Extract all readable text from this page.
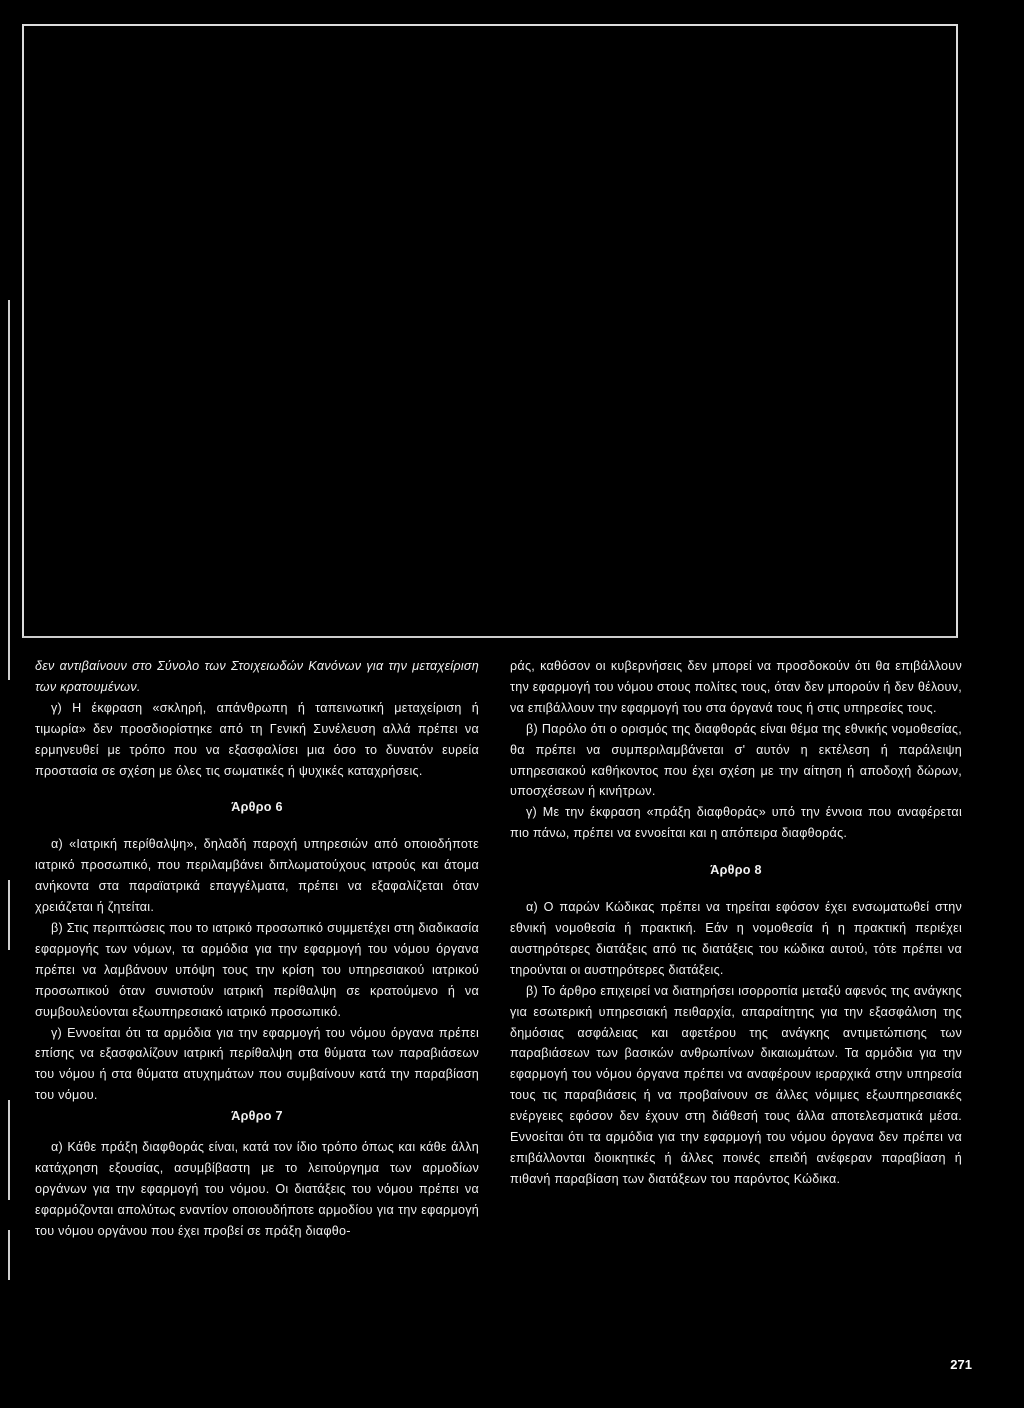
δεν αντιβαίνουν στο Σύνολο των Στοιχειωδών Κανόνων για την μεταχείριση των κρατουμένων.

γ) Η έκφραση «σκληρή, απάνθρωπη ή ταπεινωτική μεταχείριση ή τιμωρία» δεν προσδιορίστηκε από τη Γενική Συνέλευση αλλά πρέπει να ερμηνευθεί με τρόπο που να εξασφαλίσει μια όσο το δυνατόν ευρεία προστασία σε σχέση με όλες τις σωματικές ή ψυχικές καταχρήσεις.

Άρθρο 6

α) «Ιατρική περίθαλψη», δηλαδή παροχή υπηρεσιών από οποιοδήποτε ιατρικό προσωπικό, που περιλαμβάνει διπλωματούχους ιατρούς και άτομα ανήκοντα στα παραϊατρικά επαγγέλματα, πρέπει να εξαφαλίζεται όταν χρειάζεται ή ζητείται.

β) Στις περιπτώσεις που το ιατρικό προσωπικό συμμετέχει στη διαδικασία εφαρμογής των νόμων, τα αρμόδια για την εφαρμογή του νόμου όργανα πρέπει να λαμβάνουν υπόψη τους την κρίση του υπηρεσιακού ιατρικού προσωπικού όταν συνιστούν ιατρική περίθαλψη σε κρατούμενο ή να συμβουλεύονται εξωυπηρεσιακό ιατρικό προσωπικό.

γ) Εννοείται ότι τα αρμόδια για την εφαρμογή του νόμου όργανα πρέπει επίσης να εξασφαλίζουν ιατρική περίθαλψη στα θύματα των παραβιάσεων του νόμου ή στα θύματα ατυχημάτων που συμβαίνουν κατά την παραβίαση του νόμου.

Άρθρο 7

α) Κάθε πράξη διαφθοράς είναι, κατά τον ίδιο τρόπο όπως και κάθε άλλη κατάχρηση εξουσίας, ασυμβίβαστη με το λειτούργημα των αρμοδίων οργάνων για την εφαρμογή του νόμου. Οι διατάξεις του νόμου πρέπει να εφαρμόζονται απολύτως εναντίον οποιουδήποτε αρμοδίου για την εφαρμογή του νόμου οργάνου που έχει προβεί σε πράξη διαφθο-

ράς, καθόσον οι κυβερνήσεις δεν μπορεί να προσδοκούν ότι θα επιβάλλουν την εφαρμογή του νόμου στους πολίτες τους, όταν δεν μπορούν ή δεν θέλουν, να επιβάλλουν την εφαρμογή του στα όργανά τους ή στις υπηρεσίες τους.

β) Παρόλο ότι ο ορισμός της διαφθοράς είναι θέμα της εθνικής νομοθεσίας, θα πρέπει να συμπεριλαμβάνεται σ' αυτόν η εκτέλεση ή παράλειψη υπηρεσιακού καθήκοντος που έχει σχέση με την αίτηση ή αποδοχή δώρων, υποσχέσεων ή κινήτρων.

γ) Με την έκφραση «πράξη διαφθοράς» υπό την έννοια που αναφέρεται πιο πάνω, πρέπει να εννοείται και η απόπειρα διαφθοράς.

Άρθρο 8

α) Ο παρών Κώδικας πρέπει να τηρείται εφόσον έχει ενσωματωθεί στην εθνική νομοθεσία ή πρακτική. Εάν η νομοθεσία ή η πρακτική περιέχει αυστηρότερες διατάξεις από τις διατάξεις του κώδικα αυτού, τότε πρέπει να τηρούνται οι αυστηρότερες διατάξεις.

β) Το άρθρο επιχειρεί να διατηρήσει ισορροπία μεταξύ αφενός της ανάγκης για εσωτερική υπηρεσιακή πειθαρχία, απαραίτητης για την εξασφάλιση της δημόσιας ασφάλειας και αφετέρου της ανάγκης αντιμετώπισης των παραβιάσεων των βασικών ανθρωπίνων δικαιωμάτων. Τα αρμόδια για την εφαρμογή του νόμου όργανα πρέπει να αναφέρουν ιεραρχικά στην υπηρεσία τους τις παραβιάσεις ή να προβαίνουν σε άλλες νόμιμες εξωυπηρεσιακές ενέργειες εφόσον δεν έχουν στη διάθεσή τους άλλα αποτελεσματικά μέσα. Εννοείται ότι τα αρμόδια για την εφαρμογή του νόμου όργανα δεν πρέπει να επιβάλλονται διοικητικές ή άλλες ποινές επειδή ανέφεραν παραβίαση ή πιθανή παραβίαση των διατάξεων του παρόντος Κώδικα.

271
